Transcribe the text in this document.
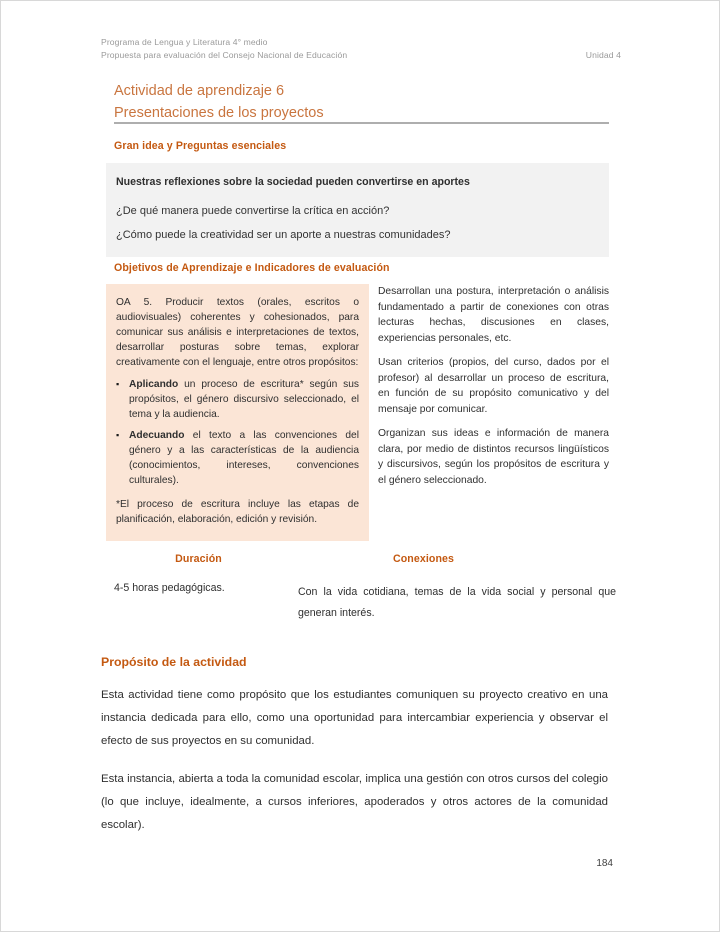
Programa de Lengua y Literatura 4° medio
Propuesta para evaluación del Consejo Nacional de Educación	Unidad 4
Actividad de aprendizaje 6
Presentaciones de los proyectos
Gran idea y Preguntas esenciales
Nuestras reflexiones sobre la sociedad pueden convertirse en aportes
¿De qué manera puede convertirse la crítica en acción?
¿Cómo puede la creatividad ser un aporte a nuestras comunidades?
Objetivos de Aprendizaje e Indicadores de evaluación

OA 5. Producir textos (orales, escritos o audiovisuales) coherentes y cohesionados, para comunicar sus análisis e interpretaciones de textos, desarrollar posturas sobre temas, explorar creativamente con el lenguaje, entre otros propósitos:

▪ Aplicando un proceso de escritura* según sus propósitos, el género discursivo seleccionado, el tema y la audiencia.
▪ Adecuando el texto a las convenciones del género y a las características de la audiencia (conocimientos, intereses, convenciones culturales).

*El proceso de escritura incluye las etapas de planificación, elaboración, edición y revisión.

Desarrollan una postura, interpretación o análisis fundamentado a partir de conexiones con otras lecturas hechas, discusiones en clases, experiencias personales, etc.

Usan criterios (propios, del curso, dados por el profesor) al desarrollar un proceso de escritura, en función de su propósito comunicativo y del mensaje por comunicar.

Organizan sus ideas e información de manera clara, por medio de distintos recursos lingüísticos y discursivos, según los propósitos de escritura y el género seleccionado.

Duración	Conexiones
4-5 horas pedagógicas.	Con la vida cotidiana, temas de la vida social y personal que generan interés.
Propósito de la actividad

Esta actividad tiene como propósito que los estudiantes comuniquen su proyecto creativo en una instancia dedicada para ello, como una oportunidad para intercambiar experiencia y observar el efecto de sus proyectos en su comunidad.

Esta instancia, abierta a toda la comunidad escolar, implica una gestión con otros cursos del colegio (lo que incluye, idealmente, a cursos inferiores, apoderados y otros actores de la comunidad escolar).

184
